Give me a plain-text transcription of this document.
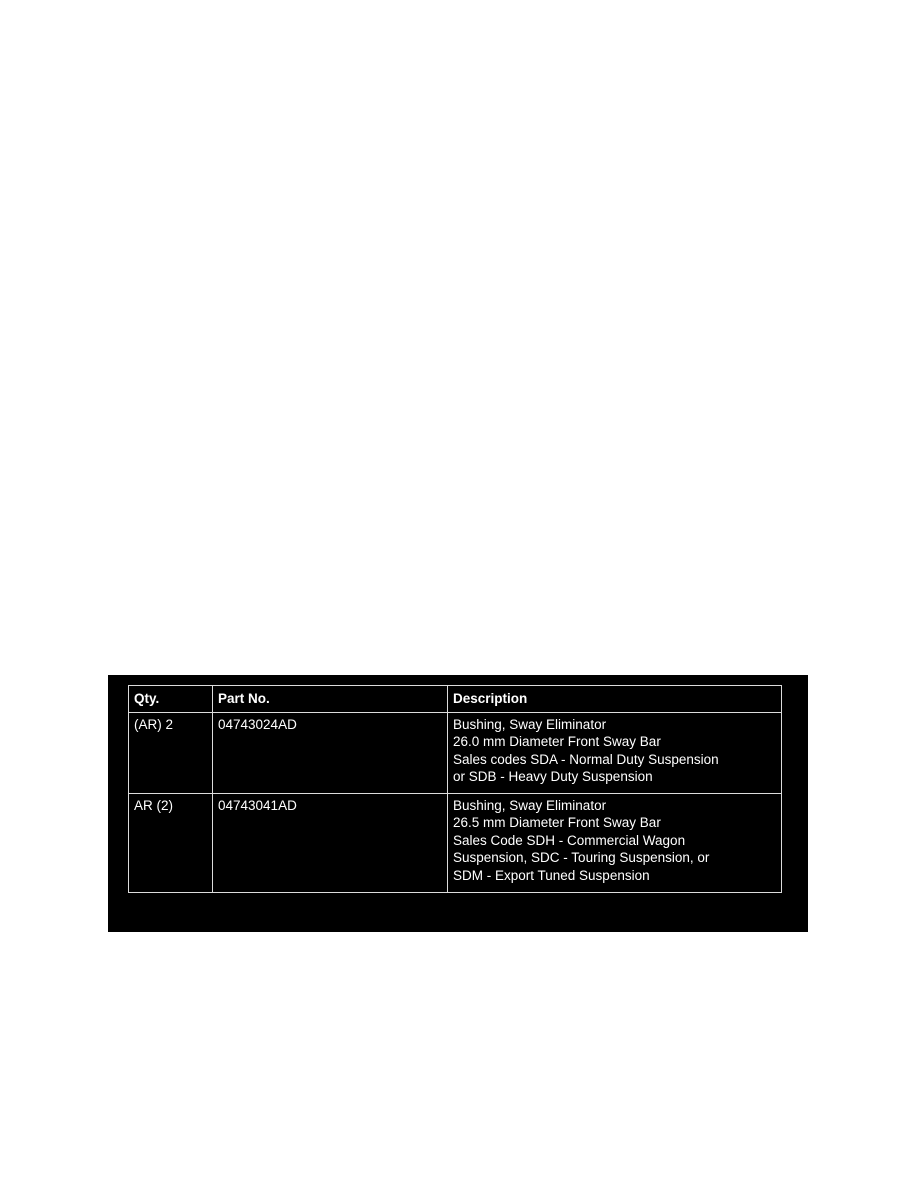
Qty.	Part No.	Description
(AR) 2	04743024AD	Bushing, Sway Eliminator
26.0 mm Diameter Front Sway Bar
Sales codes SDA - Normal Duty Suspension
or SDB - Heavy Duty Suspension

AR (2)	04743041AD	Bushing, Sway Eliminator
26.5 mm Diameter Front Sway Bar
Sales Code SDH - Commercial Wagon
Suspension, SDC - Touring Suspension, or
SDM - Export Tuned Suspension
